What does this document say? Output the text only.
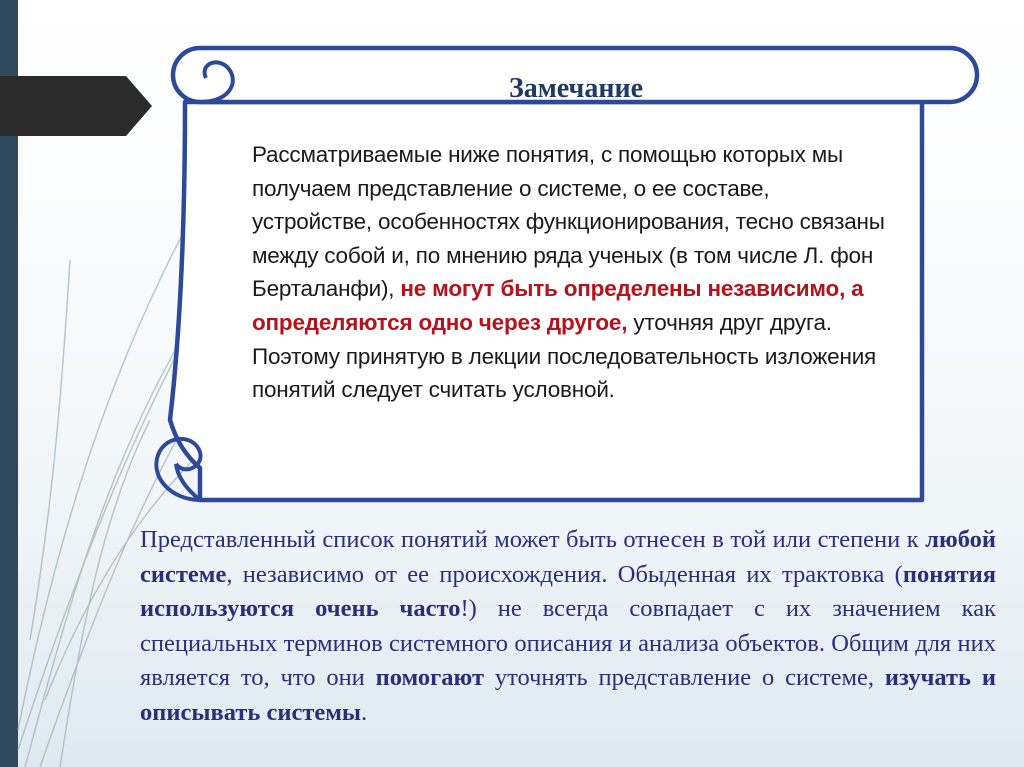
Замечание
Рассматриваемые ниже понятия, с помощью которых мы получаем представление о системе, о ее составе, устройстве, особенностях функционирования, тесно связаны между собой и, по мнению ряда ученых (в том числе Л. фон Берталанфи), не могут быть определены независимо, а определяются одно через другое, уточняя друг друга. Поэтому принятую в лекции последовательность изложения понятий следует считать условной.
Представленный список понятий может быть отнесен в той или степени к любой системе, независимо от ее происхождения. Обыденная их трактовка (понятия используются очень часто!) не всегда совпадает с их значением как специальных терминов системного описания и анализа объектов. Общим для них является то, что они помогают уточнять представление о системе, изучать и описывать системы.
